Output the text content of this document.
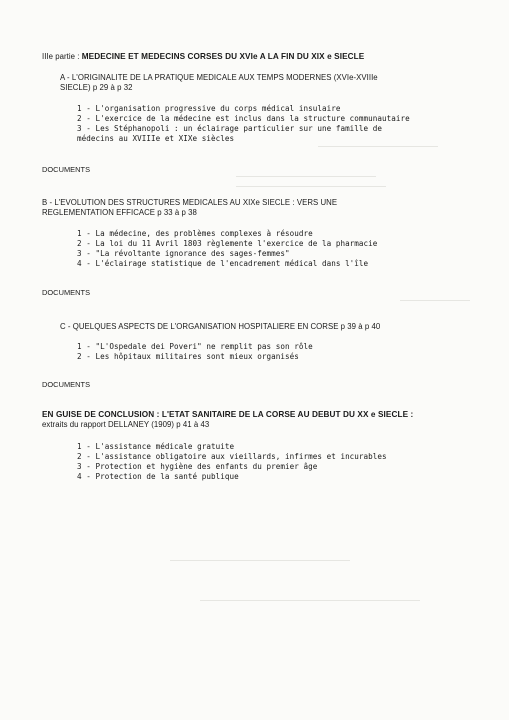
IIIe partie : MEDECINE ET MEDECINS CORSES DU XVIe A LA FIN DU XIX e SIECLE

A - L'ORIGINALITE DE LA PRATIQUE MEDICALE AUX TEMPS MODERNES (XVIe-XVIIIe

SIECLE) p 29 à p 32

1 - L'organisation progressive du corps médical insulaire

2 - L'exercice de la médecine est inclus dans la structure communautaire

3 - Les Stéphanopoli : un éclairage particulier sur une famille de

médecins au XVIIIe et XIXe siècles

DOCUMENTS

B - L'EVOLUTION DES STRUCTURES MEDICALES AU XIXe SIECLE : VERS UNE

REGLEMENTATION EFFICACE p 33 à p 38

1 - La médecine, des problèmes complexes à résoudre

2 - La loi du 11 Avril 1803 règlemente l'exercice de la pharmacie

3 - "La révoltante ignorance des sages-femmes"

4 - L'éclairage statistique de l'encadrement médical dans l'île

DOCUMENTS

C - QUELQUES ASPECTS DE L'ORGANISATION HOSPITALIERE EN CORSE p 39 à p 40

1 - "L'Ospedale dei Poveri" ne remplit pas son rôle

2 - Les hôpitaux militaires sont mieux organisés

DOCUMENTS

EN GUISE DE CONCLUSION : L'ETAT SANITAIRE DE LA CORSE AU DEBUT DU XX e SIECLE :

extraits du rapport DELLANEY (1909) p 41 à 43

1 - L'assistance médicale gratuite

2 - L'assistance obligatoire aux vieillards, infirmes et incurables

3 - Protection et hygiène des enfants du premier âge

4 - Protection de la santé publique
